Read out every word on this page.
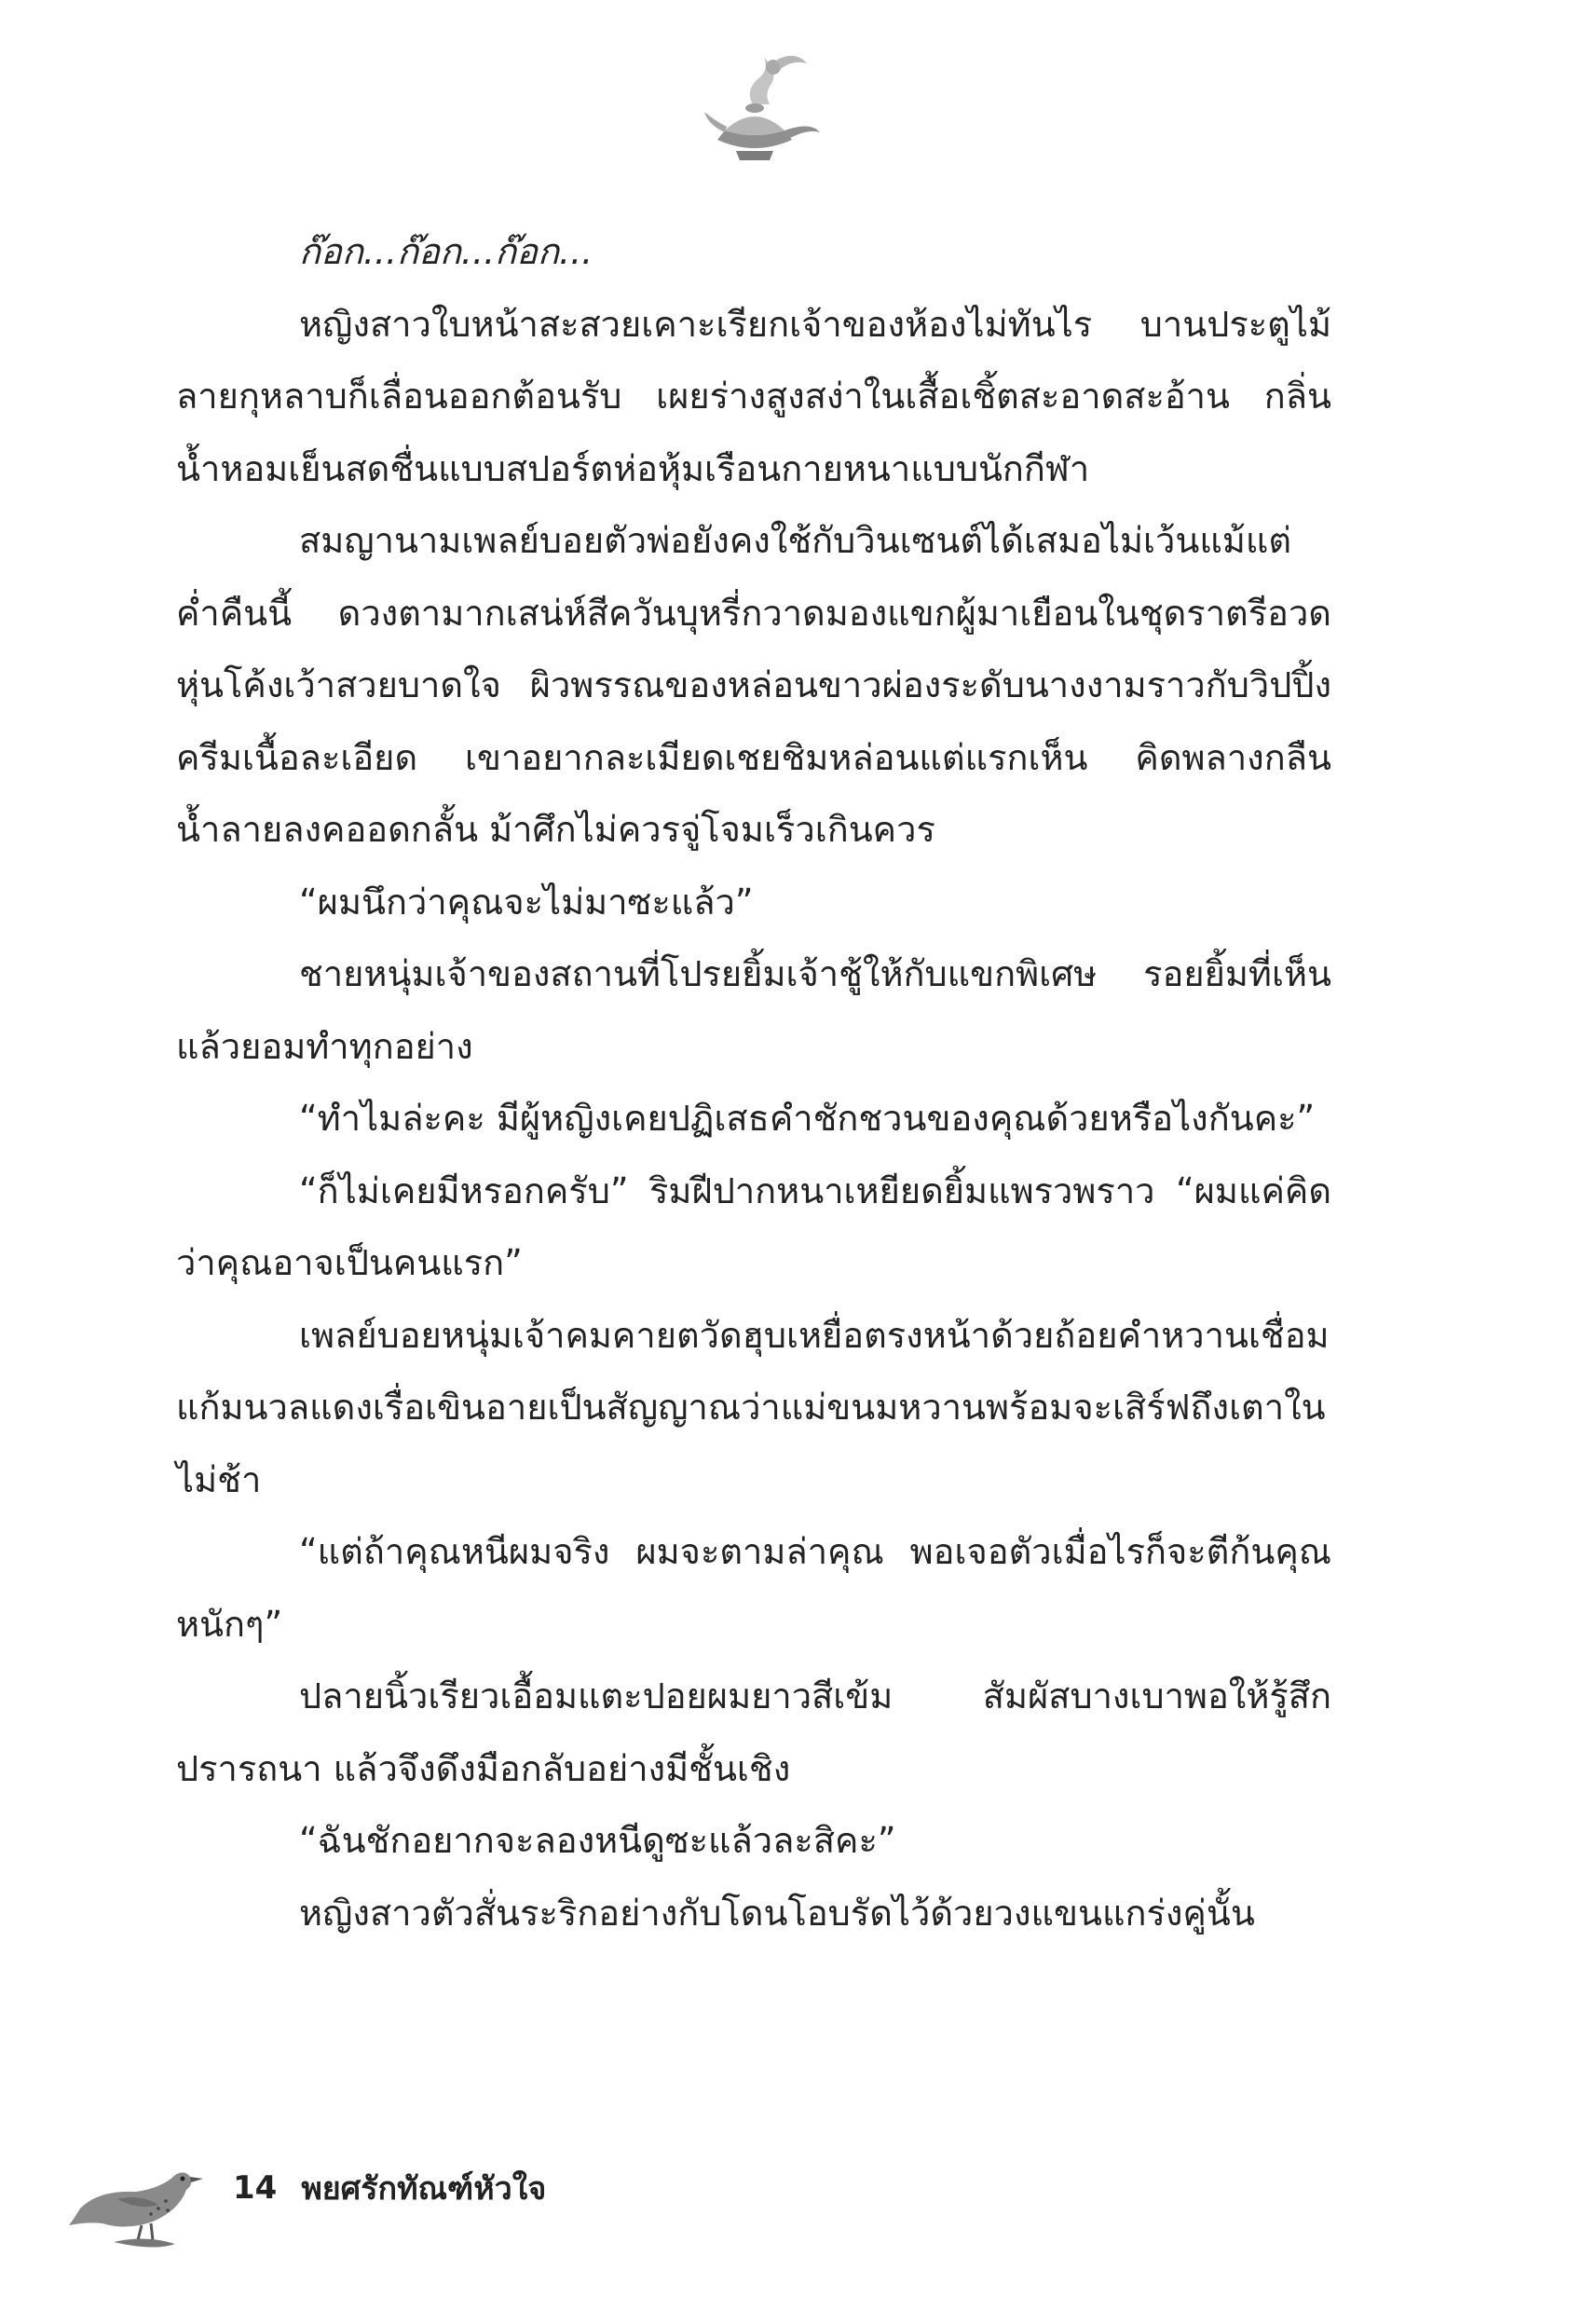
ก๊อก...ก๊อก...ก๊อก...

หญิงสาวใบหน้าสะสวยเคาะเรียกเจ้าของห้องไม่ทันไร บานประตูไม้ลายกุหลาบก็เลื่อนออกต้อนรับ เผยร่างสูงสง่าในเสื้อเชิ้ตสะอาดสะอ้าน กลิ่นน้ำหอมเย็นสดชื่นแบบสปอร์ตห่อหุ้มเรือนกายหนาแบบนักกีฬา

สมญานามเพลย์บอยตัวพ่อยังคงใช้กับวินเซนต์ได้เสมอไม่เว้นแม้แต่ค่ำคืนนี้ ดวงตามากเสน่ห์สีควันบุหรี่กวาดมองแขกผู้มาเยือนในชุดราตรีอวดหุ่นโค้งเว้าสวยบาดใจ ผิวพรรณของหล่อนขาวผ่องระดับนางงามราวกับวิปปิ้งครีมเนื้อละเอียด เขาอยากละเมียดเชยชิมหล่อนแต่แรกเห็น คิดพลางกลืนน้ำลายลงคออดกลั้น ม้าศึกไม่ควรจู่โจมเร็วเกินควร

“ผมนึกว่าคุณจะไม่มาซะแล้ว”

ชายหนุ่มเจ้าของสถานที่โปรยยิ้มเจ้าชู้ให้กับแขกพิเศษ รอยยิ้มที่เห็นแล้วยอมทำทุกอย่าง

“ทำไมล่ะคะ มีผู้หญิงเคยปฏิเสธคำชักชวนของคุณด้วยหรือไงกันคะ”

“ก็ไม่เคยมีหรอกครับ” ริมฝีปากหนาเหยียดยิ้มแพรวพราว “ผมแค่คิดว่าคุณอาจเป็นคนแรก”

เพลย์บอยหนุ่มเจ้าคมคายตวัดฮุบเหยื่อตรงหน้าด้วยถ้อยคำหวานเชื่อม แก้มนวลแดงเรื่อเขินอายเป็นสัญญาณว่าแม่ขนมหวานพร้อมจะเสิร์ฟถึงเตาในไม่ช้า

“แต่ถ้าคุณหนีผมจริง ผมจะตามล่าคุณ พอเจอตัวเมื่อไรก็จะตีก้นคุณหนักๆ”

ปลายนิ้วเรียวเอื้อมแตะปอยผมยาวสีเข้ม สัมผัสบางเบาพอให้รู้สึกปรารถนา แล้วจึงดึงมือกลับอย่างมีชั้นเชิง

“ฉันชักอยากจะลองหนีดูซะแล้วละสิคะ”

หญิงสาวตัวสั่นระริกอย่างกับโดนโอบรัดไว้ด้วยวงแขนแกร่งคู่นั้น

14 พยศรักทัณฑ์หัวใจ
